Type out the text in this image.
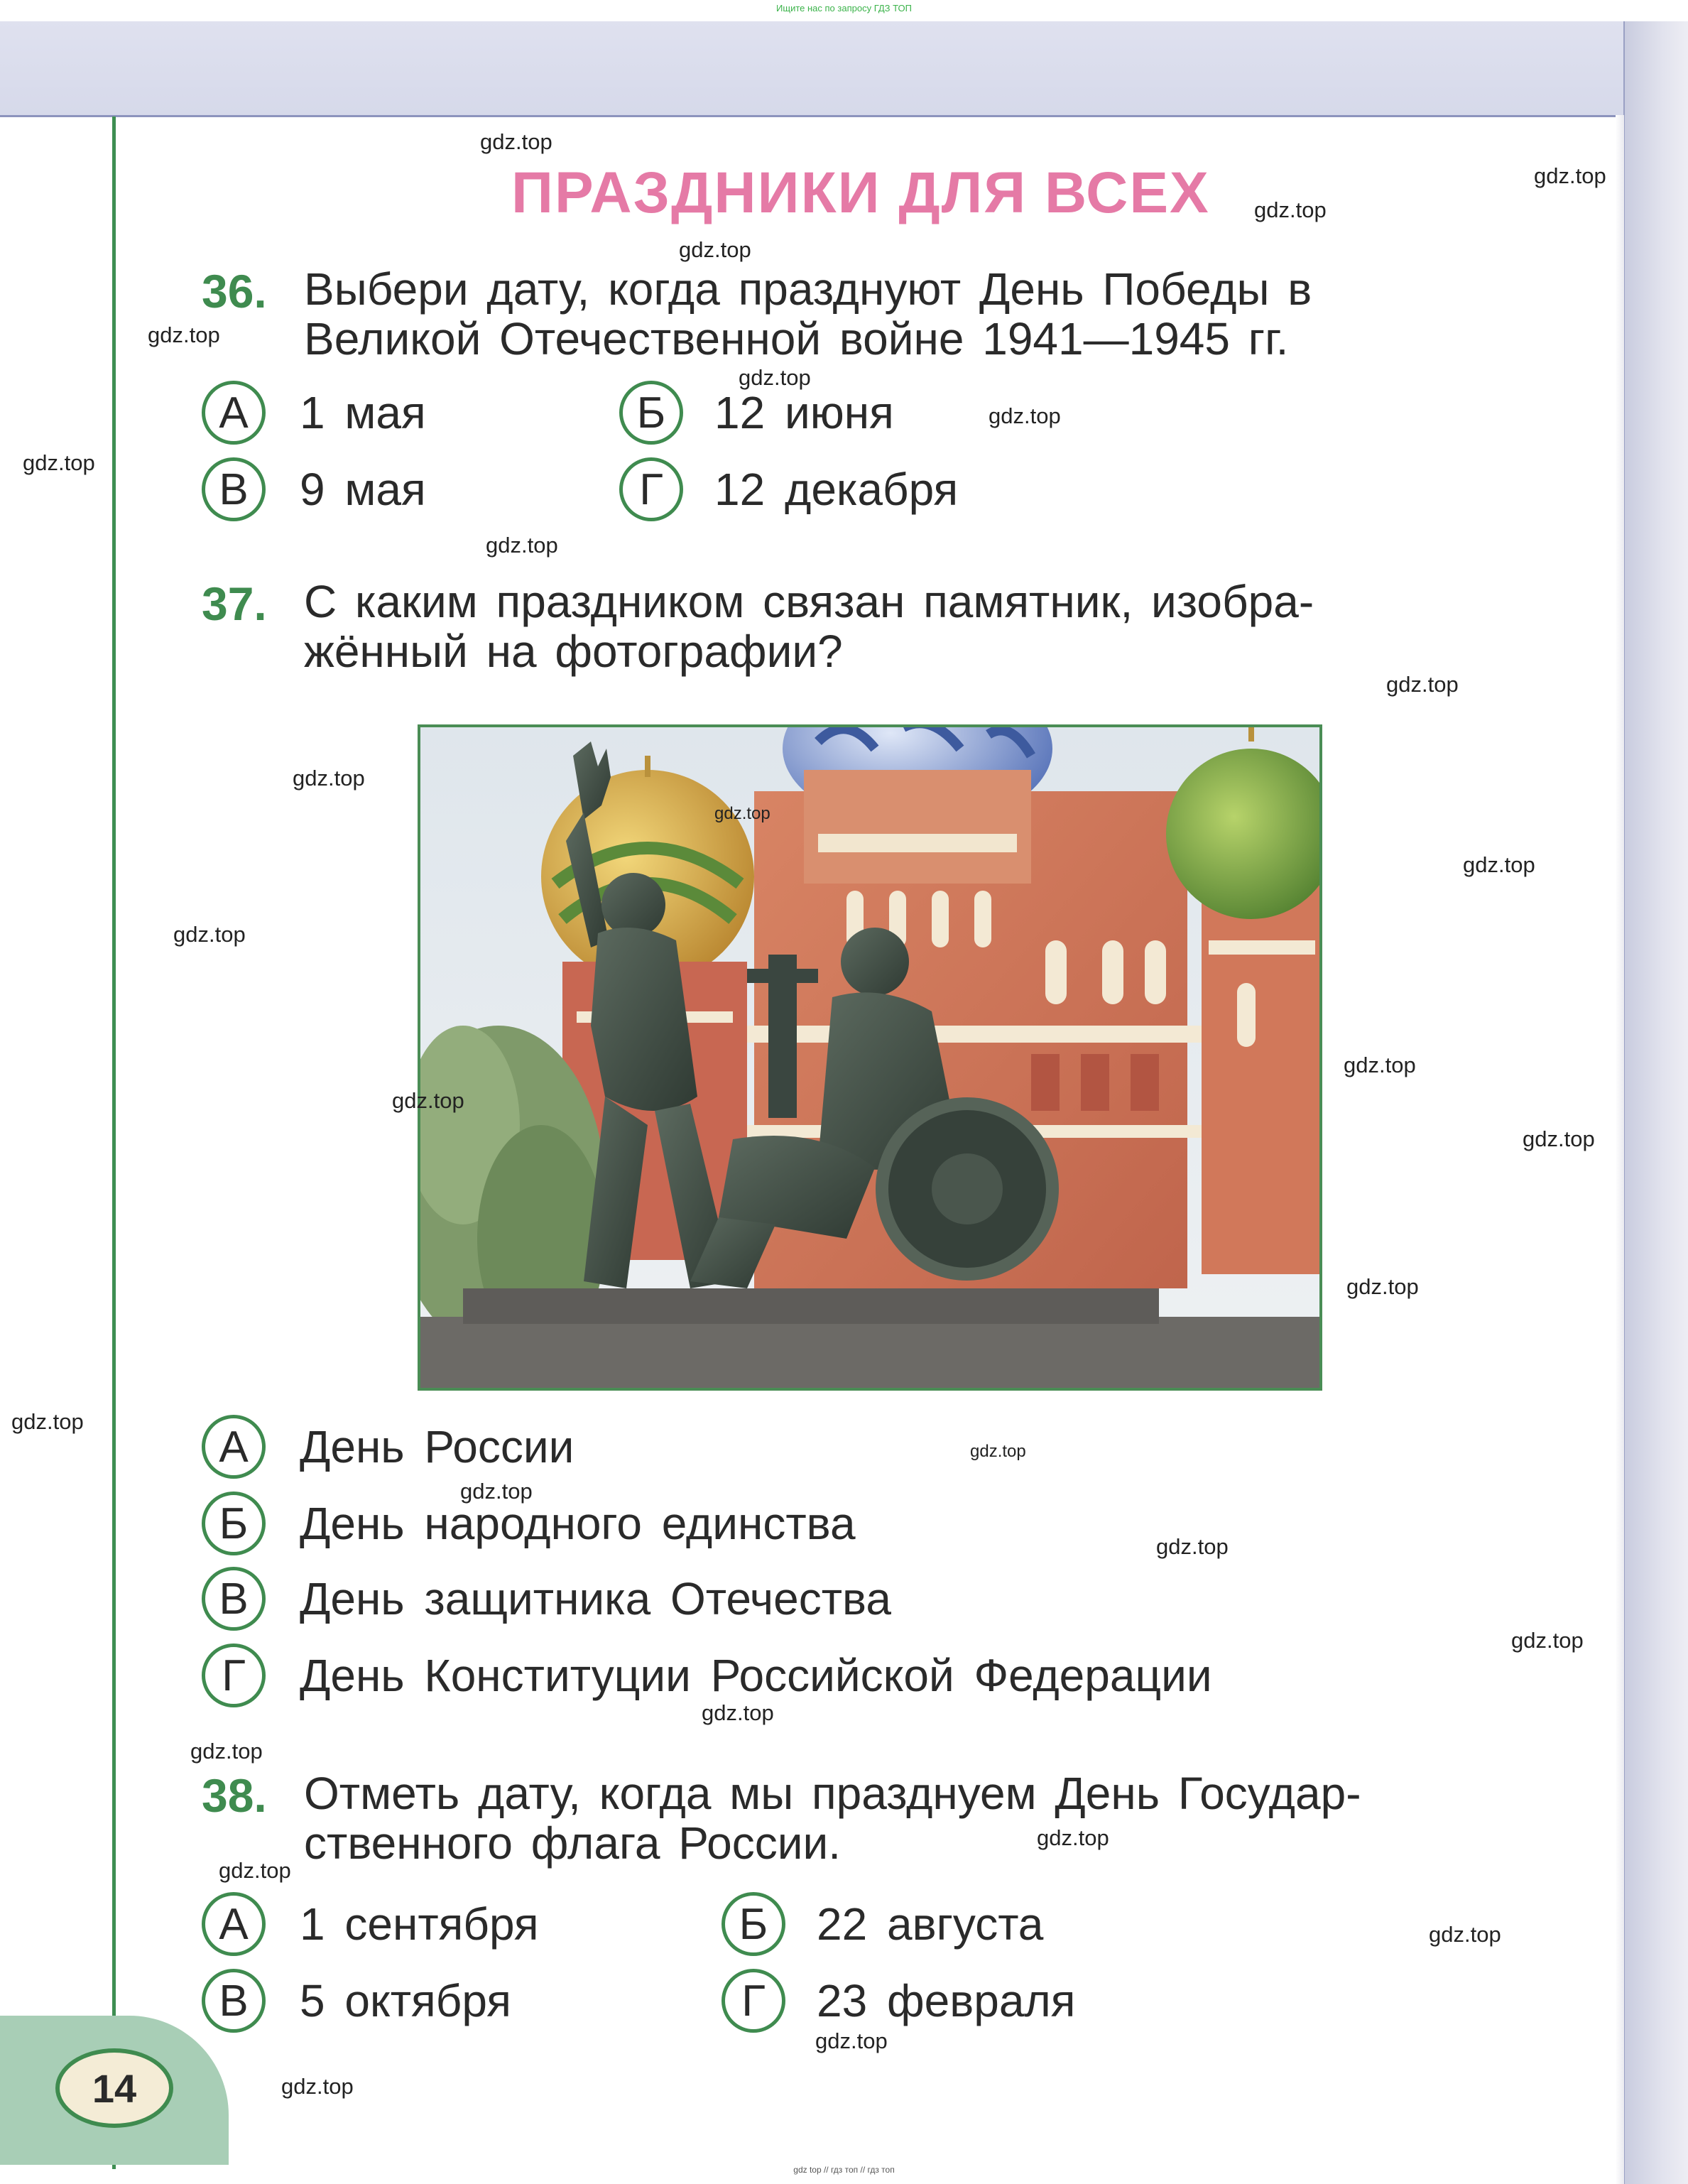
Ищите нас по запросу ГДЗ ТОП
14
ПРАЗДНИКИ ДЛЯ ВСЕХ
36. Выбери дату, когда празднуют День Победы в
Великой Отечественной войне 1941—1945 гг.
А	1 мая	Б	12 июня
В	9 мая	Г	12 декабря
37. С каким праздником связан памятник, изобра-
жённый на фотографии?
А	День России
Б	День народного единства
В	День защитника Отечества
Г	День Конституции Российской Федерации
38. Отметь дату, когда мы празднуем День Государ-
ственного флага России.
А	1 сентября	Б	22 августа
В	5 октября	Г	23 февраля
gdz.top
gdz.top
gdz.top
gdz.top
gdz.top
gdz.top
gdz.top
gdz.top
gdz.top
gdz.top
gdz.top
gdz.top
gdz.top
gdz.top
gdz.top
gdz.top
gdz.top
gdz.top
gdz.top
gdz.top
gdz.top
gdz.top
gdz.top
gdz.top
gdz.top
gdz.top
gdz.top
gdz.top
gdz.top
gdz.top
gdz top // гдз топ // гдз топ
